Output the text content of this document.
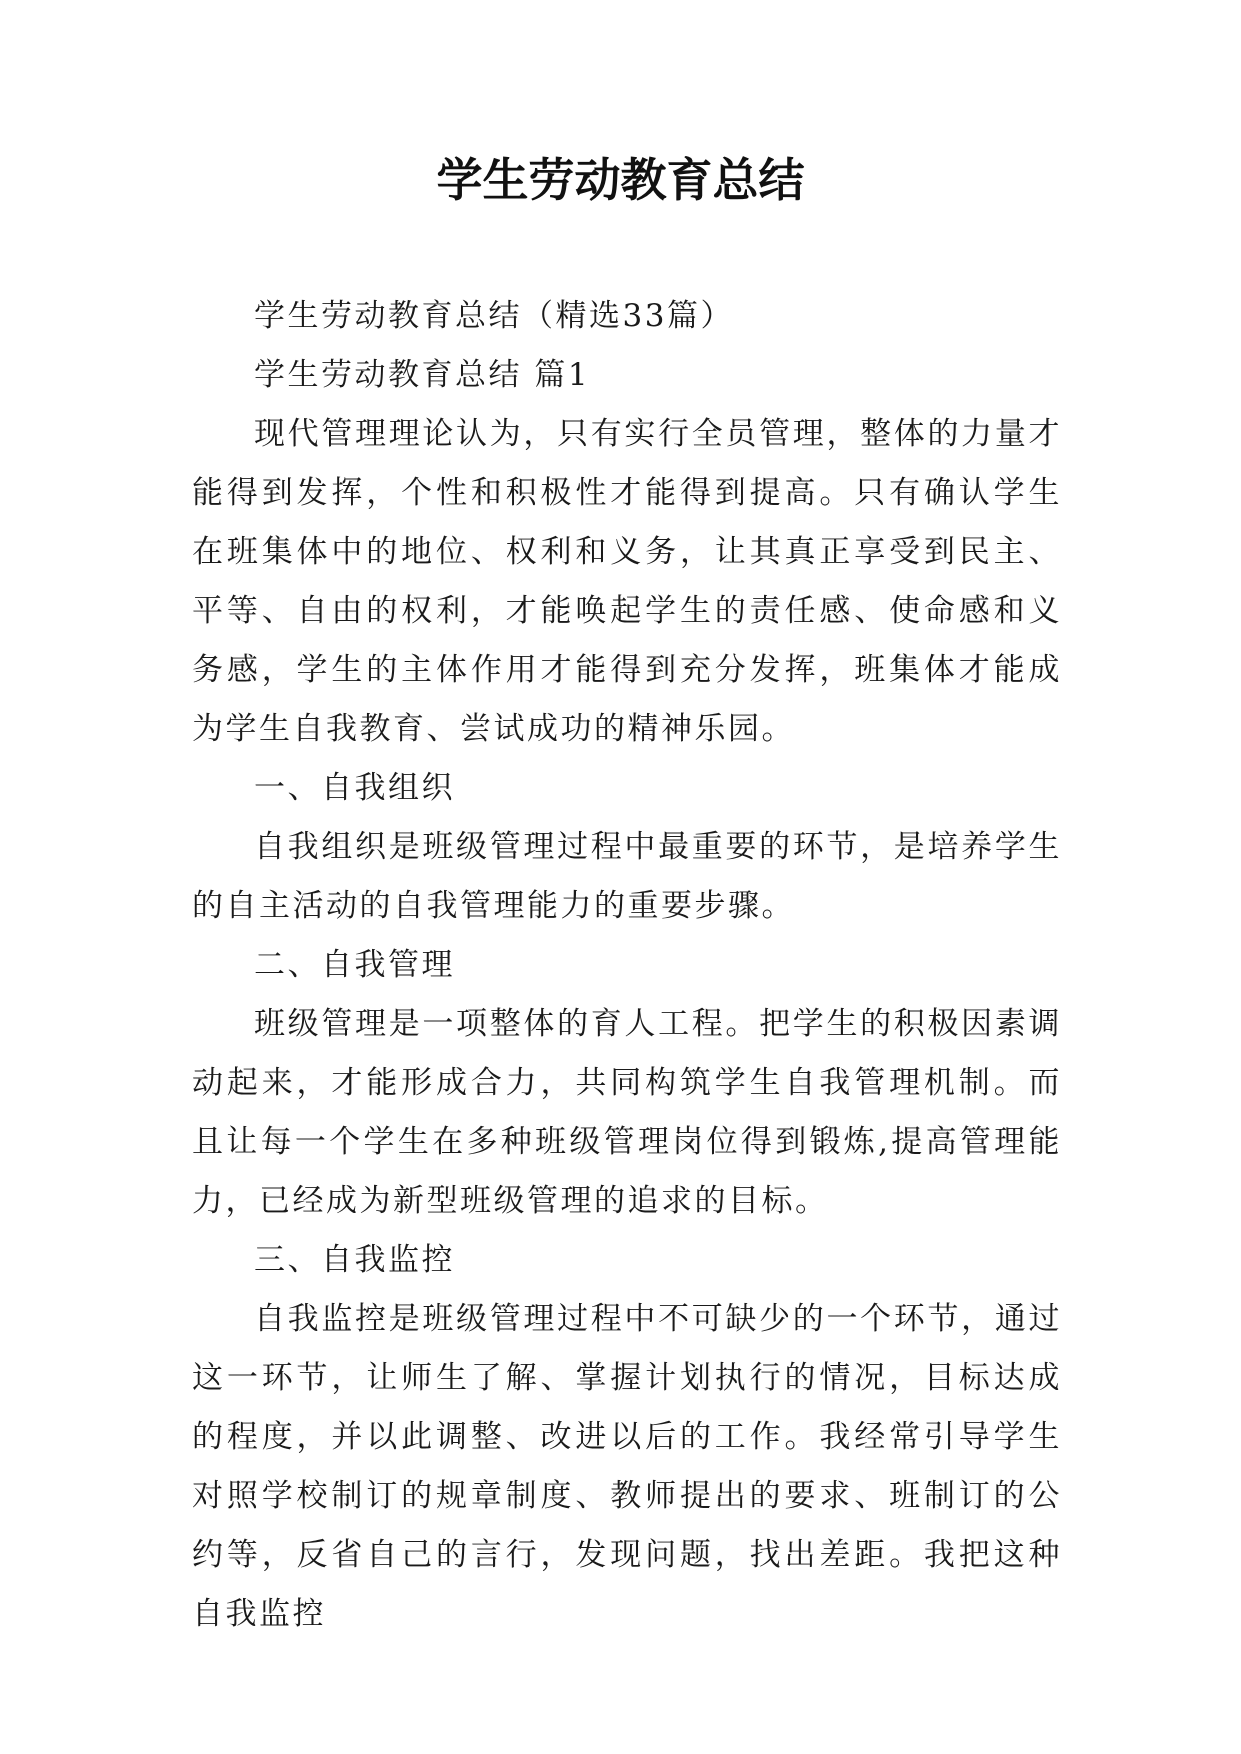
学生劳动教育总结

学生劳动教育总结（精选33篇）

学生劳动教育总结 篇1

现代管理理论认为，只有实行全员管理，整体的力量才能得到发挥，个性和积极性才能得到提高。只有确认学生在班集体中的地位、权利和义务，让其真正享受到民主、平等、自由的权利，才能唤起学生的责任感、使命感和义务感，学生的主体作用才能得到充分发挥，班集体才能成为学生自我教育、尝试成功的精神乐园。

一、自我组织

自我组织是班级管理过程中最重要的环节，是培养学生的自主活动的自我管理能力的重要步骤。

二、自我管理

班级管理是一项整体的育人工程。把学生的积极因素调动起来，才能形成合力，共同构筑学生自我管理机制。而且让每一个学生在多种班级管理岗位得到锻炼,提高管理能力，已经成为新型班级管理的追求的目标。

三、自我监控

自我监控是班级管理过程中不可缺少的一个环节，通过这一环节，让师生了解、掌握计划执行的情况，目标达成的程度，并以此调整、改进以后的工作。我经常引导学生对照学校制订的规章制度、教师提出的要求、班制订的公约等，反省自己的言行，发现问题，找出差距。我把这种自我监控
